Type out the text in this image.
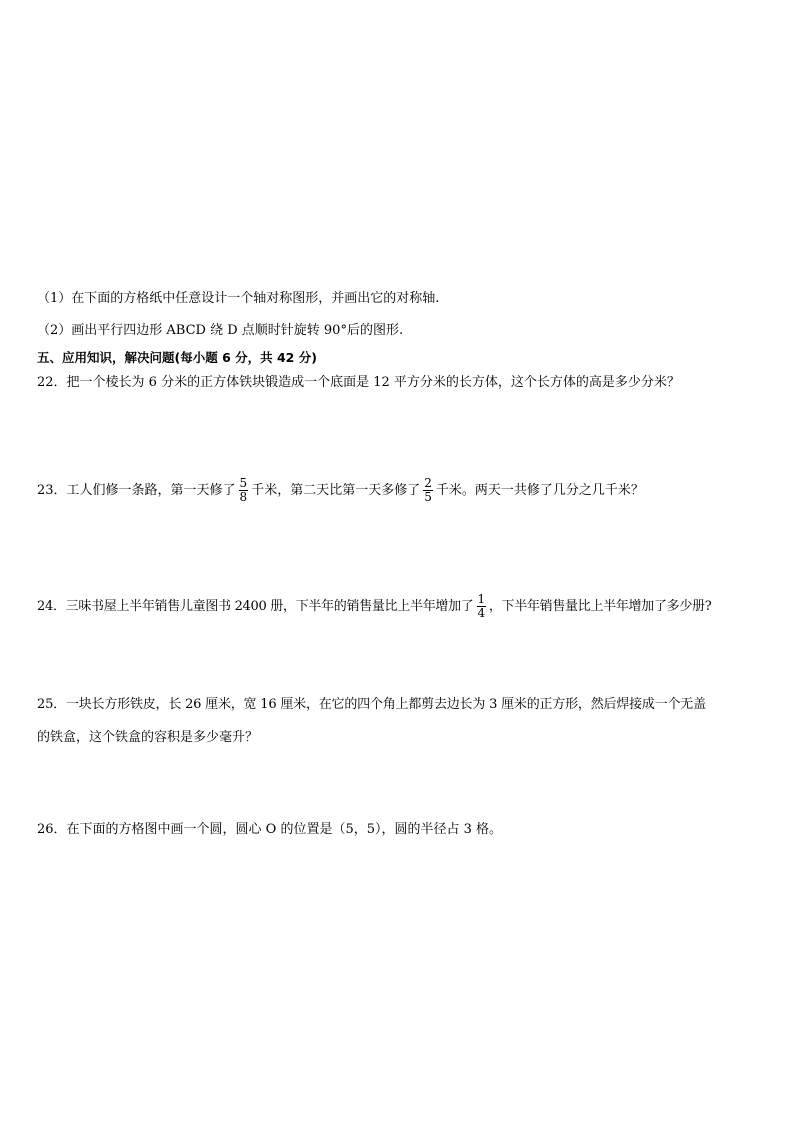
（1）在下面的方格纸中任意设计一个轴对称图形，并画出它的对称轴.
（2）画出平行四边形 ABCD 绕 D 点顺时针旋转 90°后的图形.
五、应用知识，解决问题(每小题 6 分，共 42 分)
22．把一个棱长为 6 分米的正方体铁块锻造成一个底面是 12 平方分米的长方体，这个长方体的高是多少分米？
23．工人们修一条路，第一天修了 $\frac{5}{8}$ 千米，第二天比第一天多修了 $\frac{2}{5}$ 千米。两天一共修了几分之几千米？
24．三味书屋上半年销售儿童图书 2400 册，下半年的销售量比上半年增加了 $\frac{1}{4}$ ，下半年销售量比上半年增加了多少册?
25．一块长方形铁皮，长 26 厘米，宽 16 厘米，在它的四个角上都剪去边长为 3 厘米的正方形，然后焊接成一个无盖
的铁盒，这个铁盒的容积是多少毫升？
26．在下面的方格图中画一个圆，圆心 O 的位置是（5，5），圆的半径占 3 格。
